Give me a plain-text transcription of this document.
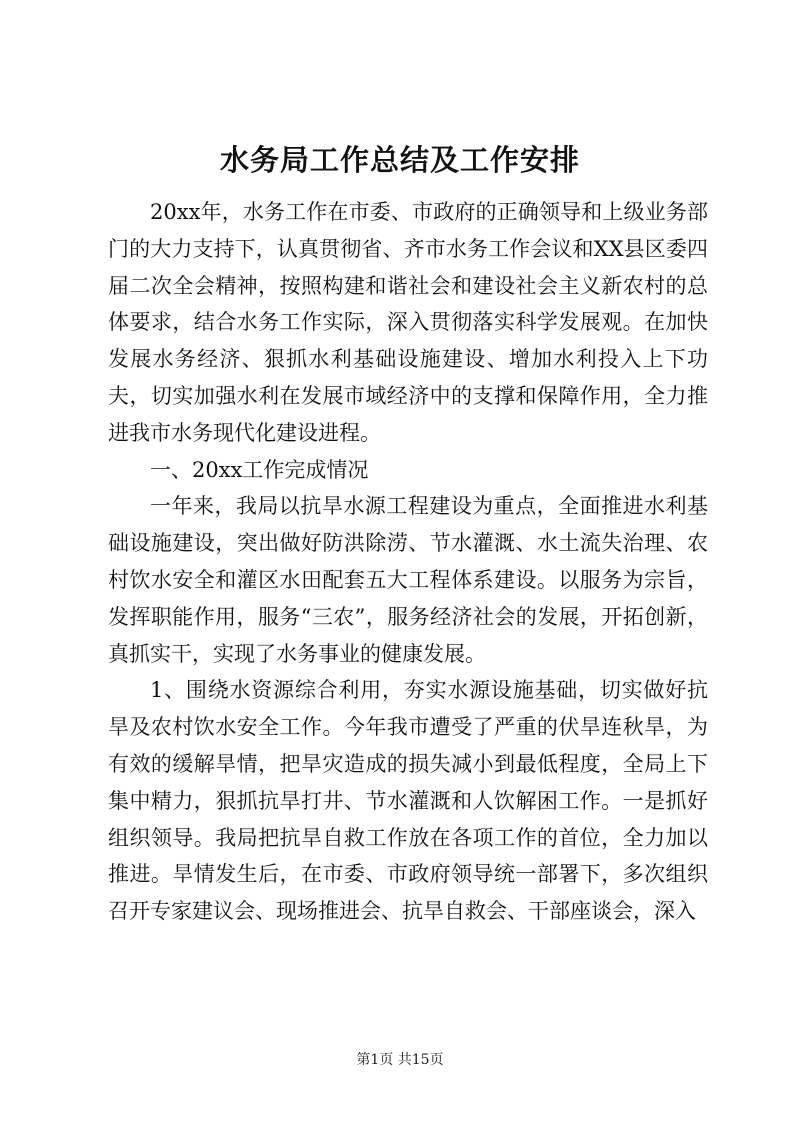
水务局工作总结及工作安排

20xx年，水务工作在市委、市政府的正确领导和上级业务部门的大力支持下，认真贯彻省、齐市水务工作会议和XX县区委四届二次全会精神，按照构建和谐社会和建设社会主义新农村的总体要求，结合水务工作实际，深入贯彻落实科学发展观。在加快发展水务经济、狠抓水利基础设施建设、增加水利投入上下功夫，切实加强水利在发展市域经济中的支撑和保障作用，全力推进我市水务现代化建设进程。

一、20xx工作完成情况

一年来，我局以抗旱水源工程建设为重点，全面推进水利基础设施建设，突出做好防洪除涝、节水灌溉、水土流失治理、农村饮水安全和灌区水田配套五大工程体系建设。以服务为宗旨，发挥职能作用，服务“三农”，服务经济社会的发展，开拓创新，真抓实干，实现了水务事业的健康发展。

1、围绕水资源综合利用，夯实水源设施基础，切实做好抗旱及农村饮水安全工作。今年我市遭受了严重的伏旱连秋旱，为有效的缓解旱情，把旱灾造成的损失减小到最低程度，全局上下集中精力，狠抓抗旱打井、节水灌溉和人饮解困工作。一是抓好组织领导。我局把抗旱自救工作放在各项工作的首位，全力加以推进。旱情发生后，在市委、市政府领导统一部署下，多次组织召开专家建议会、现场推进会、抗旱自救会、干部座谈会，深入

第1页 共15页
